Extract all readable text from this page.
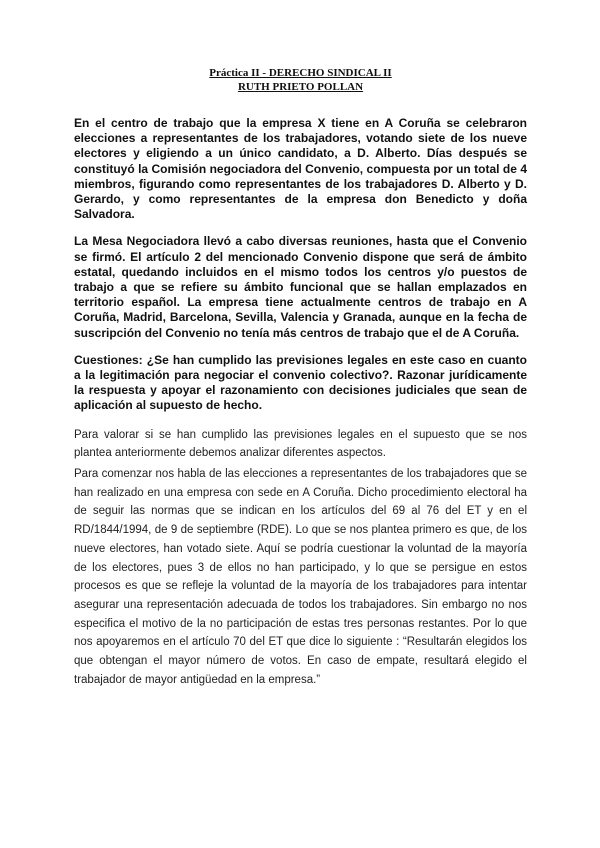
Práctica II - DERECHO SINDICAL II
RUTH PRIETO POLLAN

En el centro de trabajo que la empresa X tiene en A Coruña se celebraron elecciones a representantes de los trabajadores, votando siete de los nueve electores y eligiendo a un único candidato, a D. Alberto. Días después se constituyó la Comisión negociadora del Convenio, compuesta por un total de 4 miembros, figurando como representantes de los trabajadores D. Alberto y D. Gerardo, y como representantes de la empresa don Benedicto y doña Salvadora.

La Mesa Negociadora llevó a cabo diversas reuniones, hasta que el Convenio se firmó. El artículo 2 del mencionado Convenio dispone que será de ámbito estatal, quedando incluidos en el mismo todos los centros y/o puestos de trabajo a que se refiere su ámbito funcional que se hallan emplazados en territorio español. La empresa tiene actualmente centros de trabajo en A Coruña, Madrid, Barcelona, Sevilla, Valencia y Granada, aunque en la fecha de suscripción del Convenio no tenía más centros de trabajo que el de A Coruña.

Cuestiones: ¿Se han cumplido las previsiones legales en este caso en cuanto a la legitimación para negociar el convenio colectivo?. Razonar jurídicamente la respuesta y apoyar el razonamiento con decisiones judiciales que sean de aplicación al supuesto de hecho.

Para valorar si se han cumplido las previsiones legales en el supuesto que se nos plantea anteriormente debemos analizar diferentes aspectos.

Para comenzar nos habla de las elecciones a representantes de los trabajadores que se han realizado en una empresa con sede en A Coruña. Dicho procedimiento electoral ha de seguir las normas que se indican en los artículos del 69 al 76 del ET y en el RD/1844/1994, de 9 de septiembre (RDE). Lo que se nos plantea primero es que, de los nueve electores, han votado siete. Aquí se podría cuestionar la voluntad de la mayoría de los electores, pues 3 de ellos no han participado, y lo que se persigue en estos procesos es que se refleje la voluntad de la mayoría de los trabajadores para intentar asegurar una representación adecuada de todos los trabajadores. Sin embargo no nos especifica el motivo de la no participación de estas tres personas restantes. Por lo que nos apoyaremos en el artículo 70 del ET que dice lo siguiente : “Resultarán elegidos los que obtengan el mayor número de votos. En caso de empate, resultará elegido el trabajador de mayor antigüedad en la empresa.”
